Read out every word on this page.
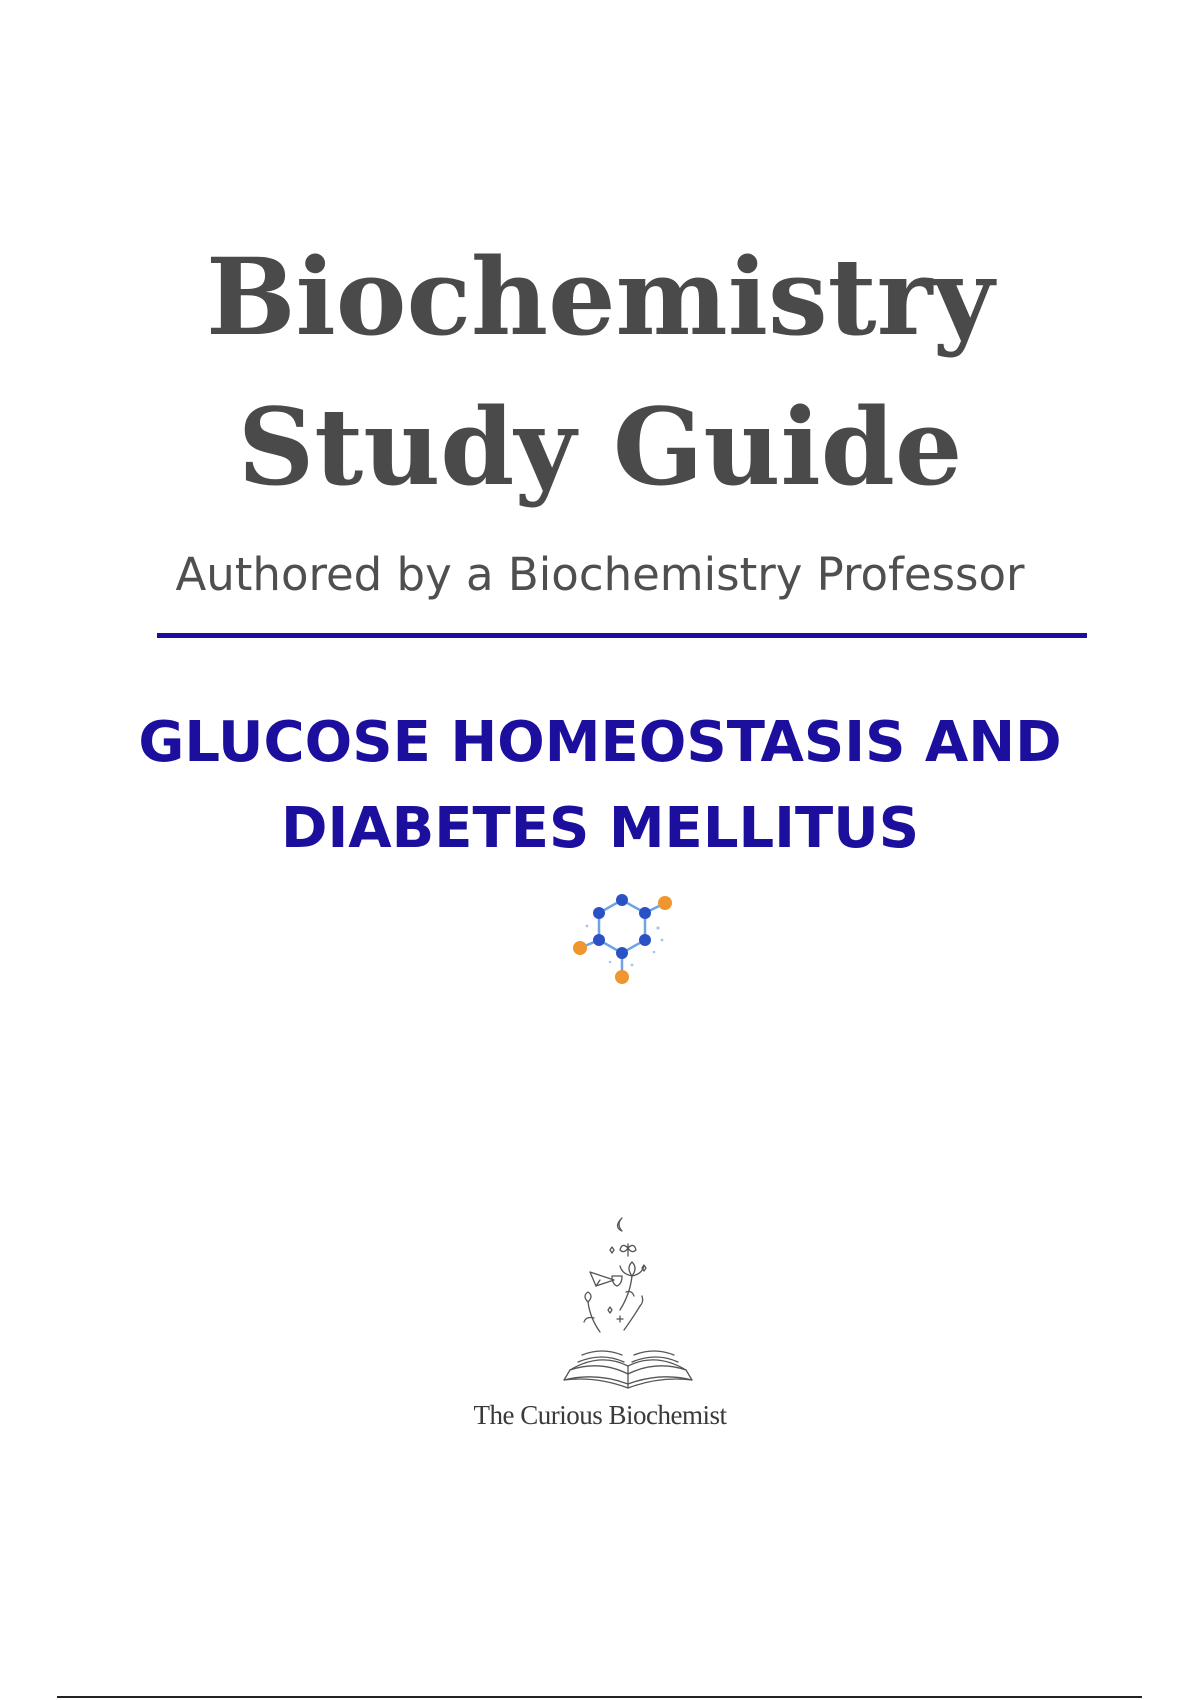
Biochemistry
Study Guide

Authored by a Biochemistry Professor

GLUCOSE HOMEOSTASIS AND
DIABETES MELLITUS
The Curious Biochemist
